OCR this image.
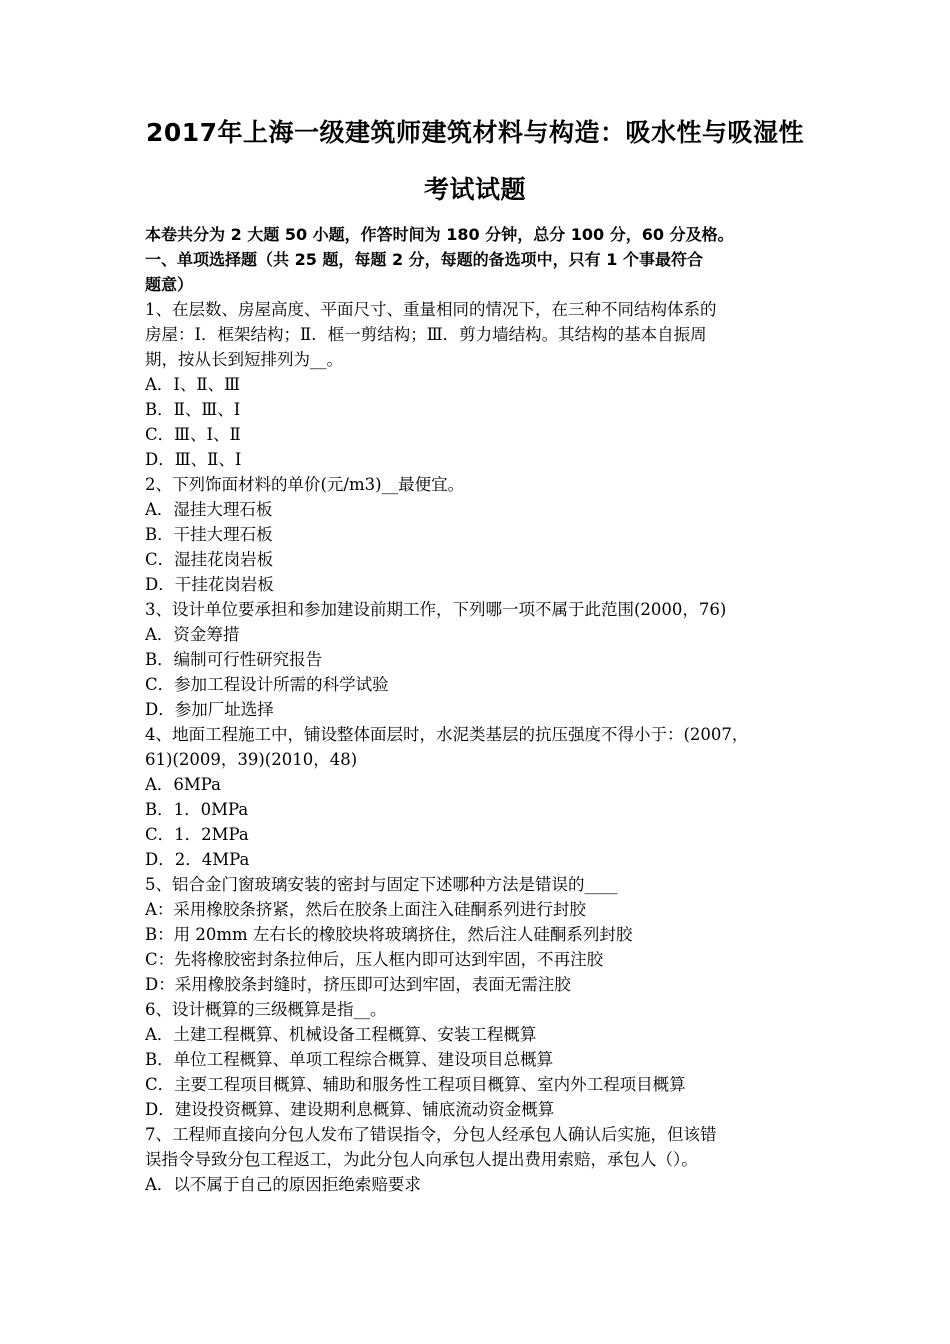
2017年上海一级建筑师建筑材料与构造：吸水性与吸湿性
考试试题
本卷共分为 2 大题 50 小题，作答时间为 180 分钟，总分 100 分，60 分及格。
一、单项选择题（共 25 题，每题 2 分，每题的备选项中，只有 1 个事最符合
题意）
1、在层数、房屋高度、平面尺寸、重量相同的情况下，在三种不同结构体系的
房屋：Ⅰ．框架结构；Ⅱ．框一剪结构；Ⅲ．剪力墙结构。其结构的基本自振周
期，按从长到短排列为__。
A．Ⅰ、Ⅱ、Ⅲ
B．Ⅱ、Ⅲ、Ⅰ
C．Ⅲ、Ⅰ、Ⅱ
D．Ⅲ、Ⅱ、Ⅰ
2、下列饰面材料的单价(元/m3)__最便宜。
A．湿挂大理石板
B．干挂大理石板
C．湿挂花岗岩板
D．干挂花岗岩板
3、设计单位要承担和参加建设前期工作，下列哪一项不属于此范围(2000，76)
A．资金筹措
B．编制可行性研究报告
C．参加工程设计所需的科学试验
D．参加厂址选择
4、地面工程施工中，铺设整体面层时，水泥类基层的抗压强度不得小于：(2007，
61)(2009，39)(2010，48)
A．6MPa
B．1．0MPa
C．1．2MPa
D．2．4MPa
5、铝合金门窗玻璃安装的密封与固定下述哪种方法是错误的____
A：采用橡胶条挤紧，然后在胶条上面注入硅酮系列进行封胶
B：用 20mm 左右长的橡胶块将玻璃挤住，然后注人硅酮系列封胶
C：先将橡胶密封条拉伸后，压人框内即可达到牢固，不再注胶
D：采用橡胶条封缝时，挤压即可达到牢固，表面无需注胶
6、设计概算的三级概算是指__。
A．土建工程概算、机械设备工程概算、安装工程概算
B．单位工程概算、单项工程综合概算、建设项目总概算
C．主要工程项目概算、辅助和服务性工程项目概算、室内外工程项目概算
D．建设投资概算、建设期利息概算、铺底流动资金概算
7、工程师直接向分包人发布了错误指令，分包人经承包人确认后实施，但该错
误指令导致分包工程返工，为此分包人向承包人提出费用索赔，承包人（）。
A．以不属于自己的原因拒绝索赔要求
